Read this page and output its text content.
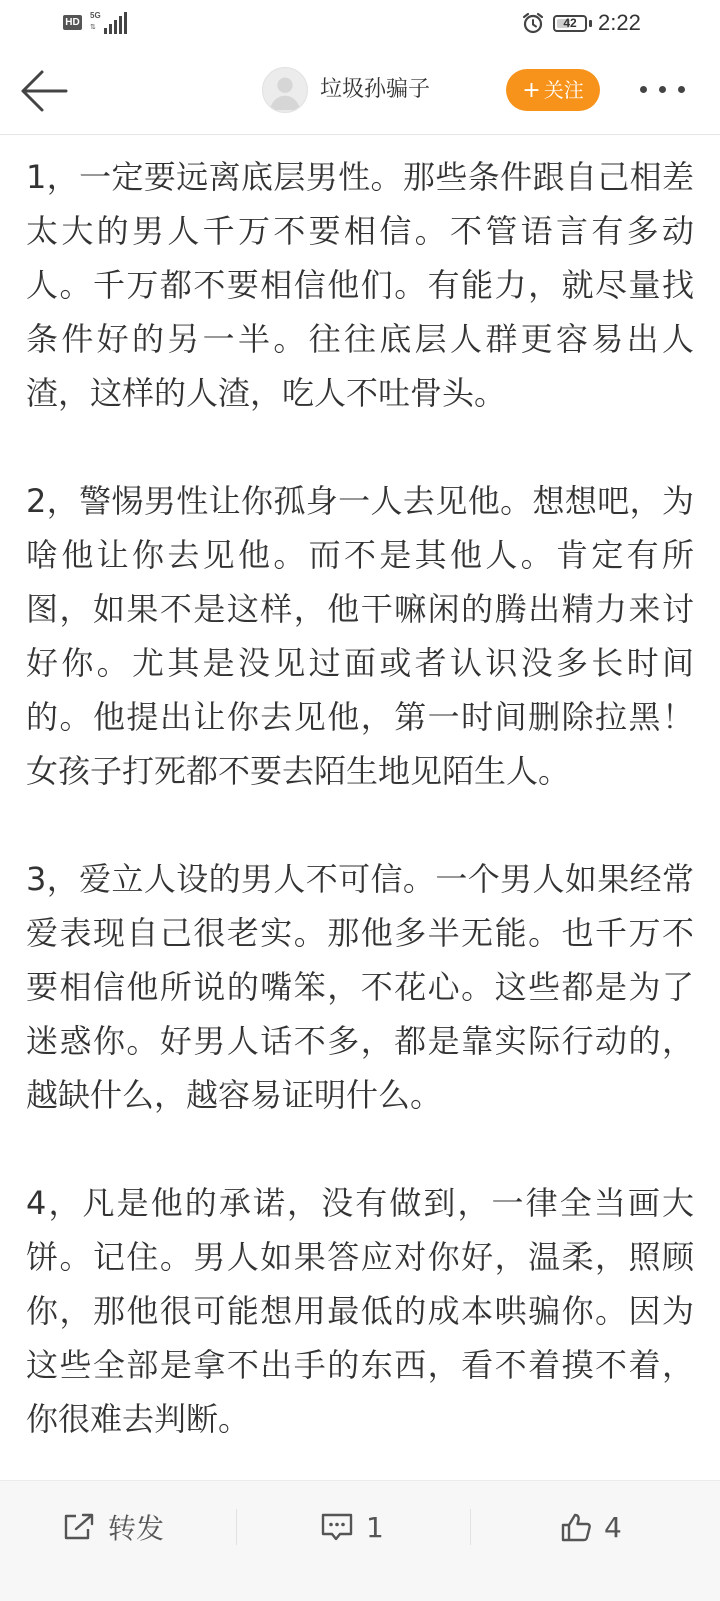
HD
5G
⇅	42 2:22
垃圾孙骗子	+ 关注

1，一定要远离底层男性。那些条件跟自己相差太大的男人千万不要相信。不管语言有多动人。千万都不要相信他们。有能力，就尽量找条件好的另一半。往往底层人群更容易出人渣，这样的人渣，吃人不吐骨头。

2，警惕男性让你孤身一人去见他。想想吧，为啥他让你去见他。而不是其他人。肯定有所图，如果不是这样，他干嘛闲的腾出精力来讨好你。尤其是没见过面或者认识没多长时间的。他提出让你去见他，第一时间删除拉黑！ 女孩子打死都不要去陌生地见陌生人。

3，爱立人设的男人不可信。一个男人如果经常爱表现自己很老实。那他多半无能。也千万不要相信他所说的嘴笨，不花心。这些都是为了迷惑你。好男人话不多，都是靠实际行动的，越缺什么，越容易证明什么。

4，凡是他的承诺，没有做到，一律全当画大饼。记住。男人如果答应对你好，温柔，照顾你，那他很可能想用最低的成本哄骗你。因为这些全部是拿不出手的东西，看不着摸不着，你很难去判断。

转发	1	4
